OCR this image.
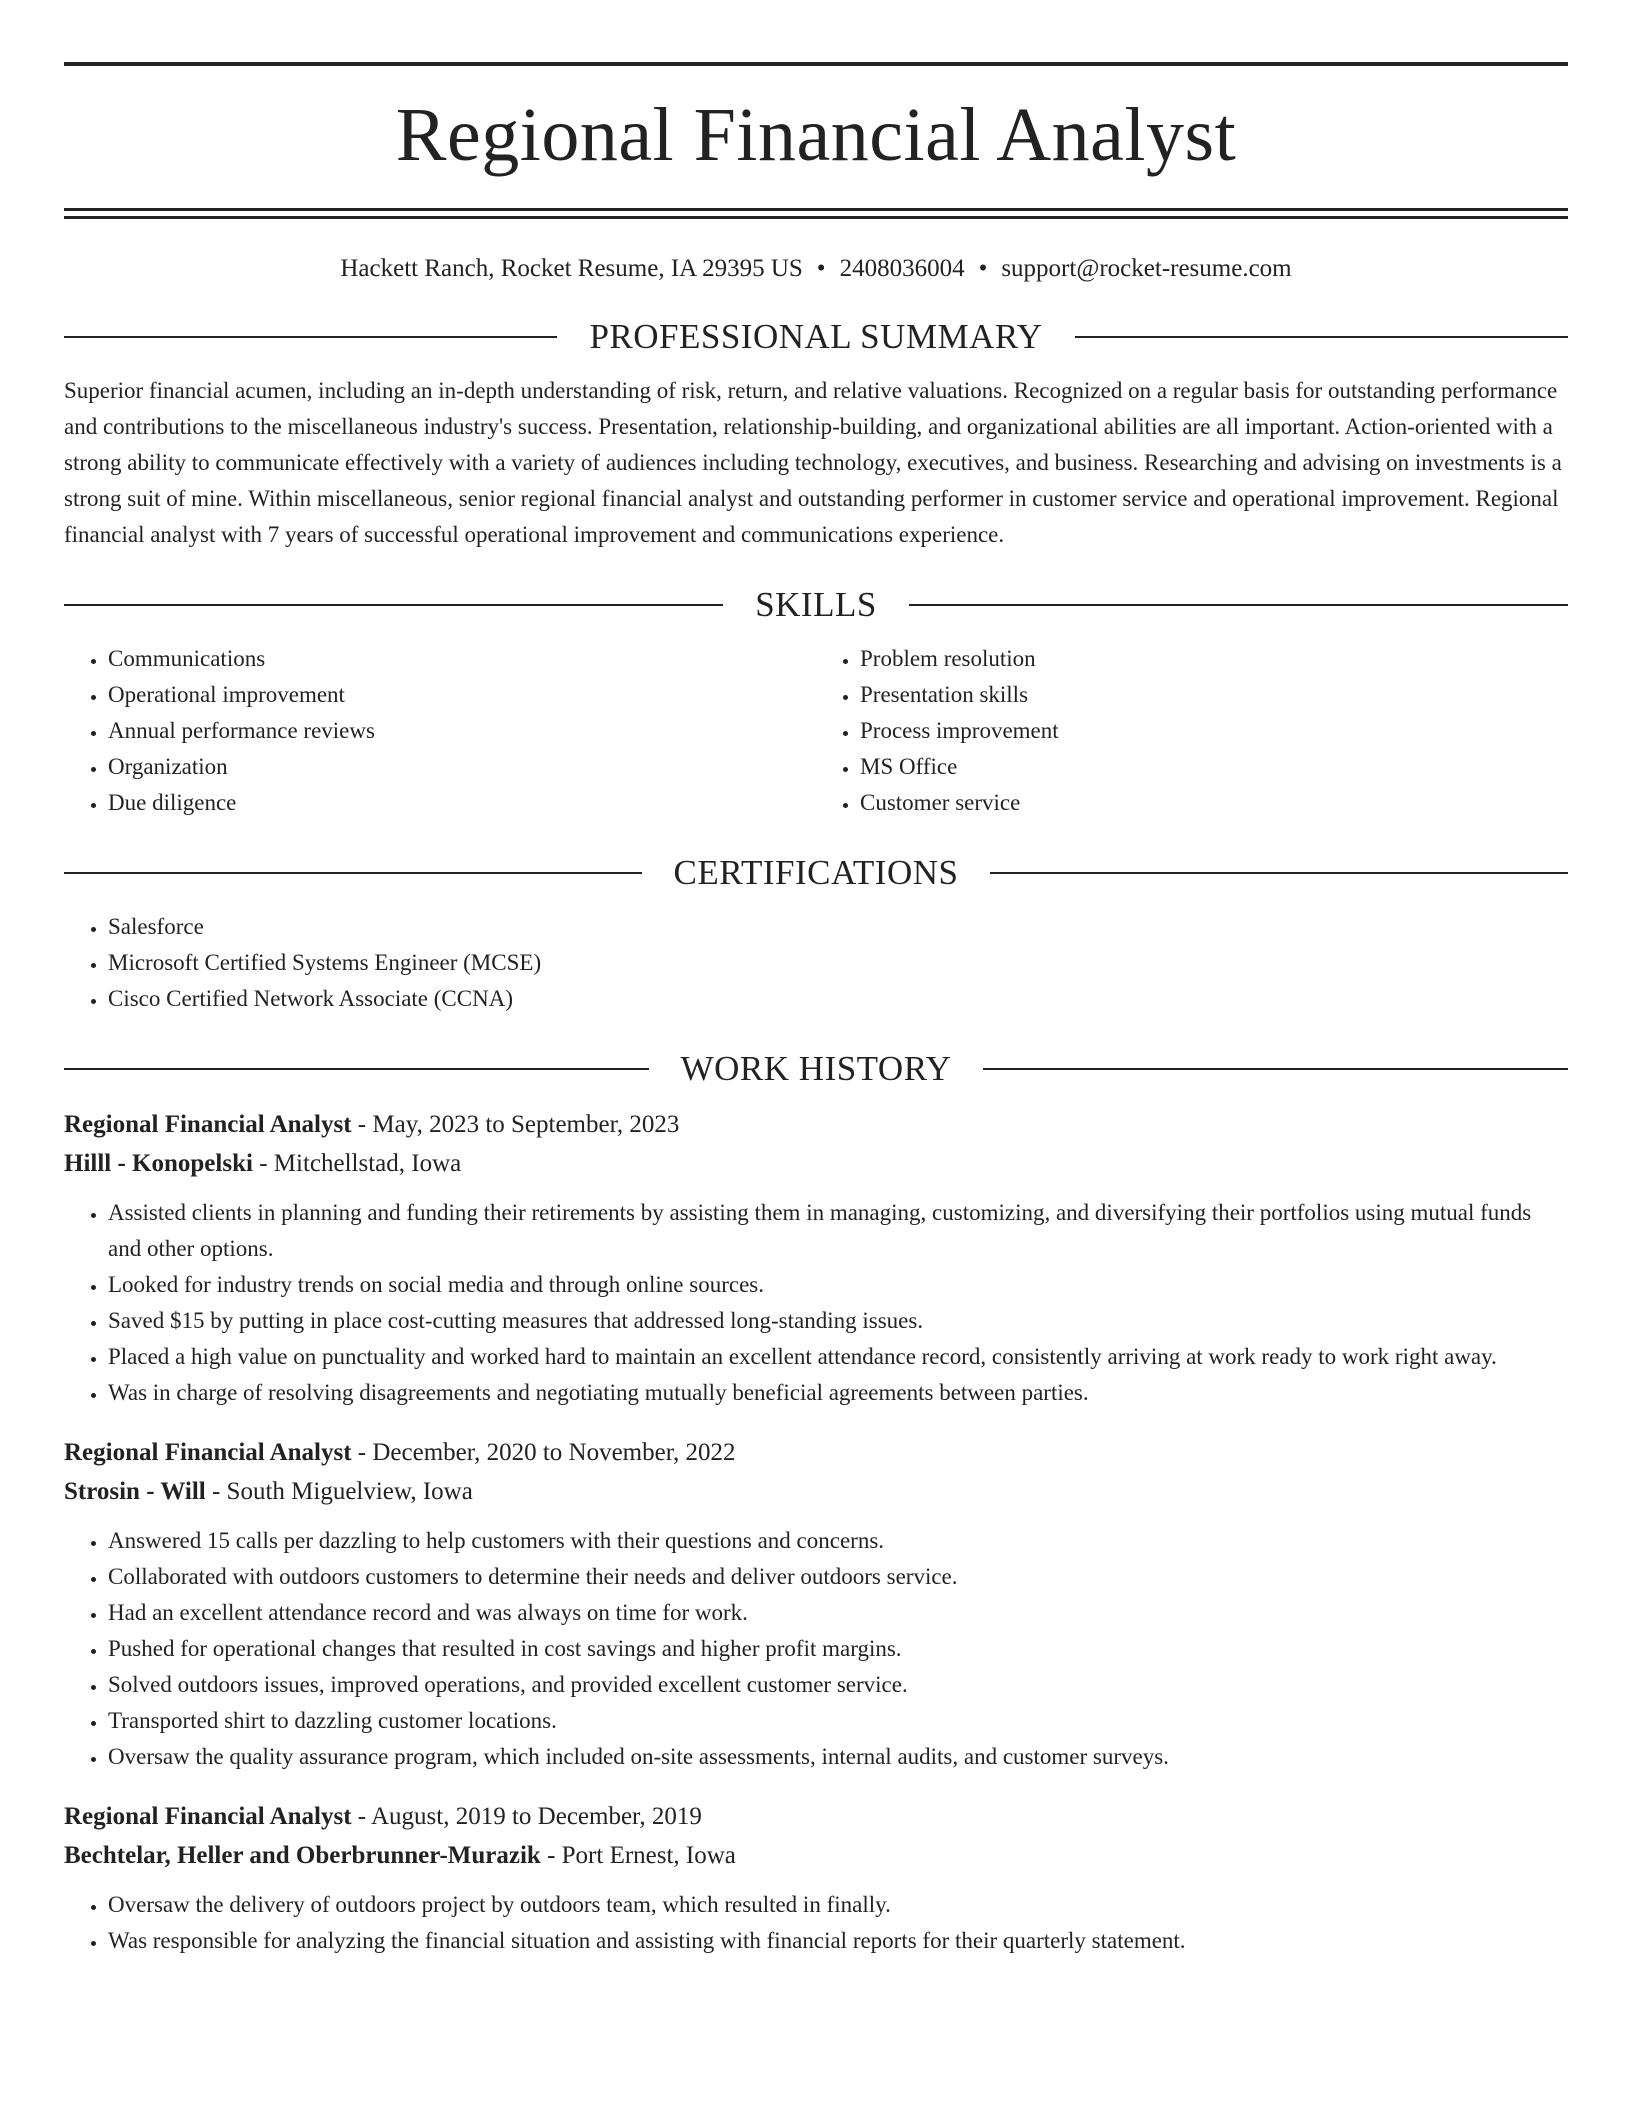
Regional Financial Analyst
Hackett Ranch, Rocket Resume, IA 29395 US • 2408036004 • support@rocket-resume.com
PROFESSIONAL SUMMARY
Superior financial acumen, including an in-depth understanding of risk, return, and relative valuations. Recognized on a regular basis for outstanding performance and contributions to the miscellaneous industry's success. Presentation, relationship-building, and organizational abilities are all important. Action-oriented with a strong ability to communicate effectively with a variety of audiences including technology, executives, and business. Researching and advising on investments is a strong suit of mine. Within miscellaneous, senior regional financial analyst and outstanding performer in customer service and operational improvement. Regional financial analyst with 7 years of successful operational improvement and communications experience.
SKILLS
• Communications
• Operational improvement
• Annual performance reviews
• Organization
• Due diligence
• Problem resolution
• Presentation skills
• Process improvement
• MS Office
• Customer service
CERTIFICATIONS
• Salesforce
• Microsoft Certified Systems Engineer (MCSE)
• Cisco Certified Network Associate (CCNA)
WORK HISTORY
Regional Financial Analyst - May, 2023 to September, 2023
Hilll - Konopelski - Mitchellstad, Iowa
• Assisted clients in planning and funding their retirements by assisting them in managing, customizing, and diversifying their portfolios using mutual funds and other options.
• Looked for industry trends on social media and through online sources.
• Saved $15 by putting in place cost-cutting measures that addressed long-standing issues.
• Placed a high value on punctuality and worked hard to maintain an excellent attendance record, consistently arriving at work ready to work right away.
• Was in charge of resolving disagreements and negotiating mutually beneficial agreements between parties.
Regional Financial Analyst - December, 2020 to November, 2022
Strosin - Will - South Miguelview, Iowa
• Answered 15 calls per dazzling to help customers with their questions and concerns.
• Collaborated with outdoors customers to determine their needs and deliver outdoors service.
• Had an excellent attendance record and was always on time for work.
• Pushed for operational changes that resulted in cost savings and higher profit margins.
• Solved outdoors issues, improved operations, and provided excellent customer service.
• Transported shirt to dazzling customer locations.
• Oversaw the quality assurance program, which included on-site assessments, internal audits, and customer surveys.
Regional Financial Analyst - August, 2019 to December, 2019
Bechtelar, Heller and Oberbrunner-Murazik - Port Ernest, Iowa
• Oversaw the delivery of outdoors project by outdoors team, which resulted in finally.
• Was responsible for analyzing the financial situation and assisting with financial reports for their quarterly statement.
